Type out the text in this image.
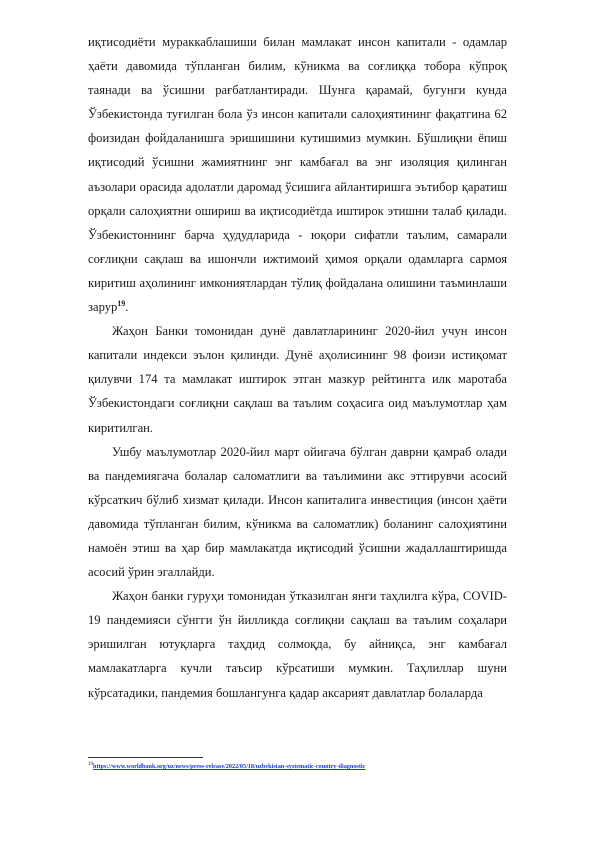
иқтисодиёти мураккаблашиши билан мамлакат инсон капитали - одамлар ҳаёти давомида тўпланган билим, кўникма ва соғлиққа тобора кўпроқ таянади ва ўсишни рағбатлантиради. Шунга қарамай, бугунги кунда Ўзбекистонда туғилган бола ўз инсон капитали салоҳиятининг фақатгина 62 фоизидан фойдаланишга эришишини кутишимиз мумкин. Бўшлиқни ёпиш иқтисодий ўсишни жамиятнинг энг камбағал ва энг изоляция қилинган аъзолари орасида адолатли даромад ўсишига айлантиришга эътибор қаратиш орқали салоҳиятни ошириш ва иқтисодиётда иштирок этишни талаб қилади. Ўзбекистоннинг барча ҳудудларида - юқори сифатли таълим, самарали соғлиқни сақлаш ва ишончли ижтимоий ҳимоя орқали одамларга сармоя киритиш аҳолининг имкониятлардан тўлиқ фойдалана олишини таъминлаши зарур$^{19}$.

Жаҳон Банки томонидан дунё давлатларининг 2020-йил учун инсон капитали индекси эълон қилинди. Дунё аҳолисининг 98 фоизи истиқомат қилувчи 174 та мамлакат иштирок этган мазкур рейтингга илк маротаба Ўзбекистондаги соғлиқни сақлаш ва таълим соҳасига оид маълумотлар ҳам киритилган.

Ушбу маълумотлар 2020-йил март ойигача бўлган даврни қамраб олади ва пандемиягача болалар саломатлиги ва таълимини акс эттирувчи асосий кўрсаткич бўлиб хизмат қилади. Инсон капиталига инвестиция (инсон ҳаёти давомида тўпланган билим, кўникма ва саломатлик) боланинг салоҳиятини намоён этиш ва ҳар бир мамлакатда иқтисодий ўсишни жадаллаштиришда асосий ўрин эгаллайди.

Жаҳон банки гуруҳи томонидан ўтказилган янги таҳлилга кўра, COVID-19 пандемияси сўнгги ўн йилликда соғлиқни сақлаш ва таълим соҳалари эришилган ютуқларга таҳдид солмоқда, бу айниқса, энг камбағал мамлакатларга кучли таъсир кўрсатиши мумкин. Таҳлиллар шуни кўрсатадики, пандемия бошлангунга қадар аксарият давлатлар болаларда

$^{19}$https://www.worldbank.org/uz/news/press-release/2022/05/18/uzbekistan-systematic-country-diagnostic
